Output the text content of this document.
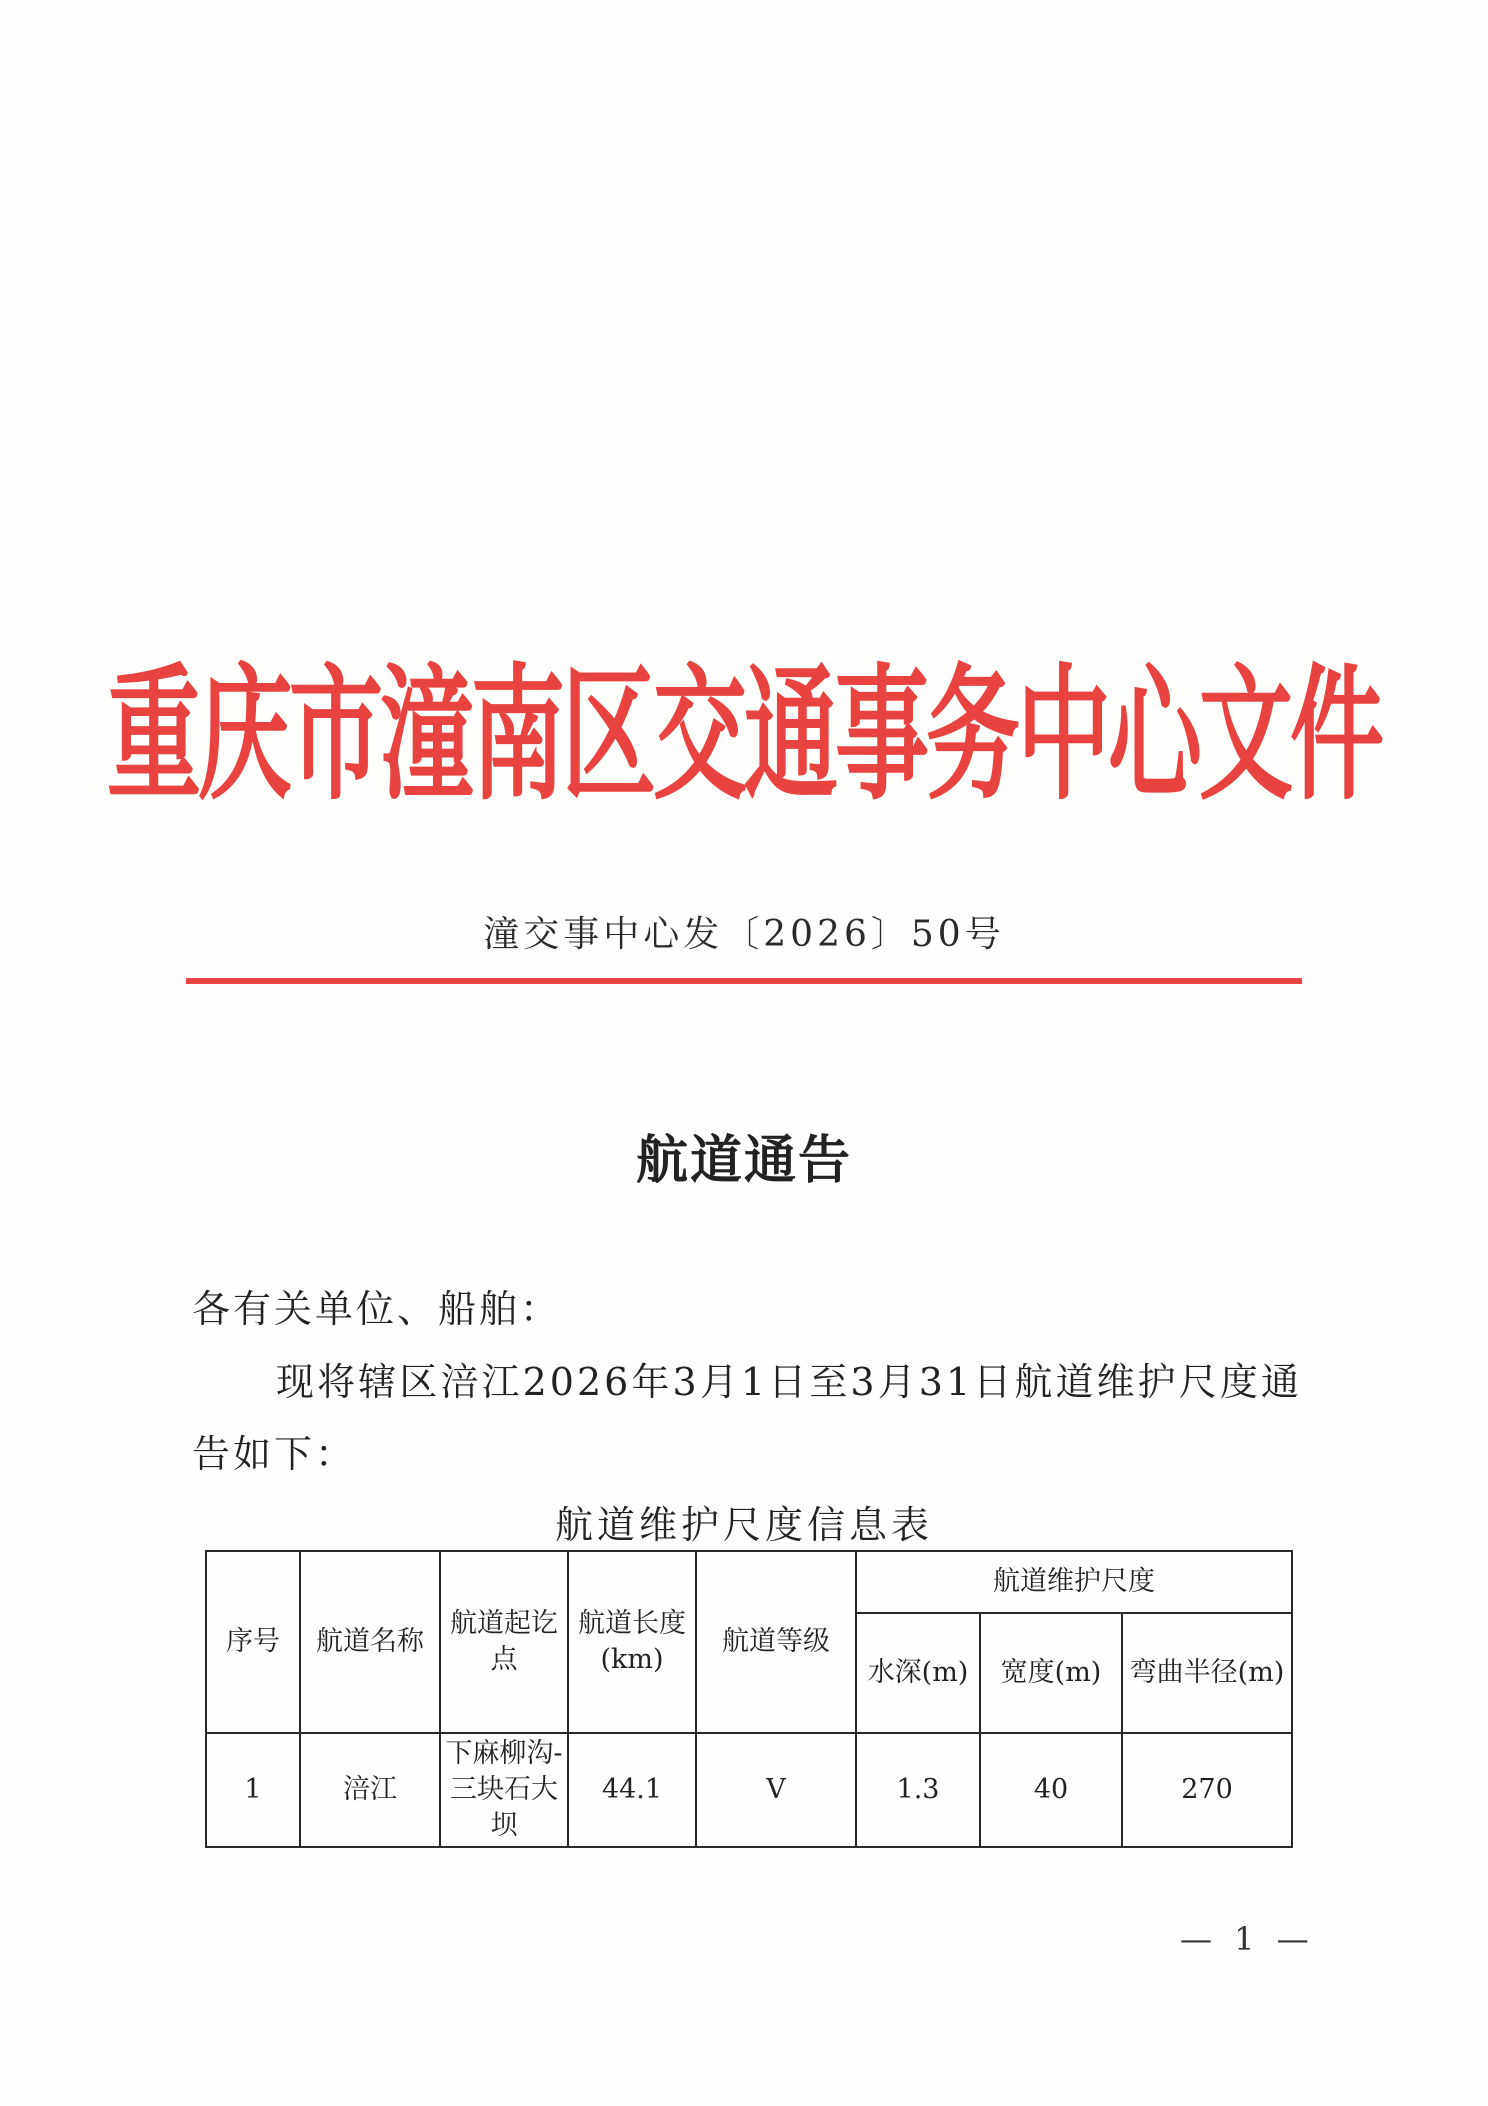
重庆市潼南区交通事务中心文件
潼交事中心发〔2026〕50号
航道通告
各有关单位、船舶：
现将辖区涪江2026年3月1日至3月31日航道维护尺度通告如下：
航道维护尺度信息表
序号	航道名称	航道起讫点	航道长度(km)	航道等级	航道维护尺度		
					水深(m)	宽度(m)	弯曲半径(m)
1	涪江	下麻柳沟-三块石大坝	44.1	V	1.3	40	270
— 1 —
